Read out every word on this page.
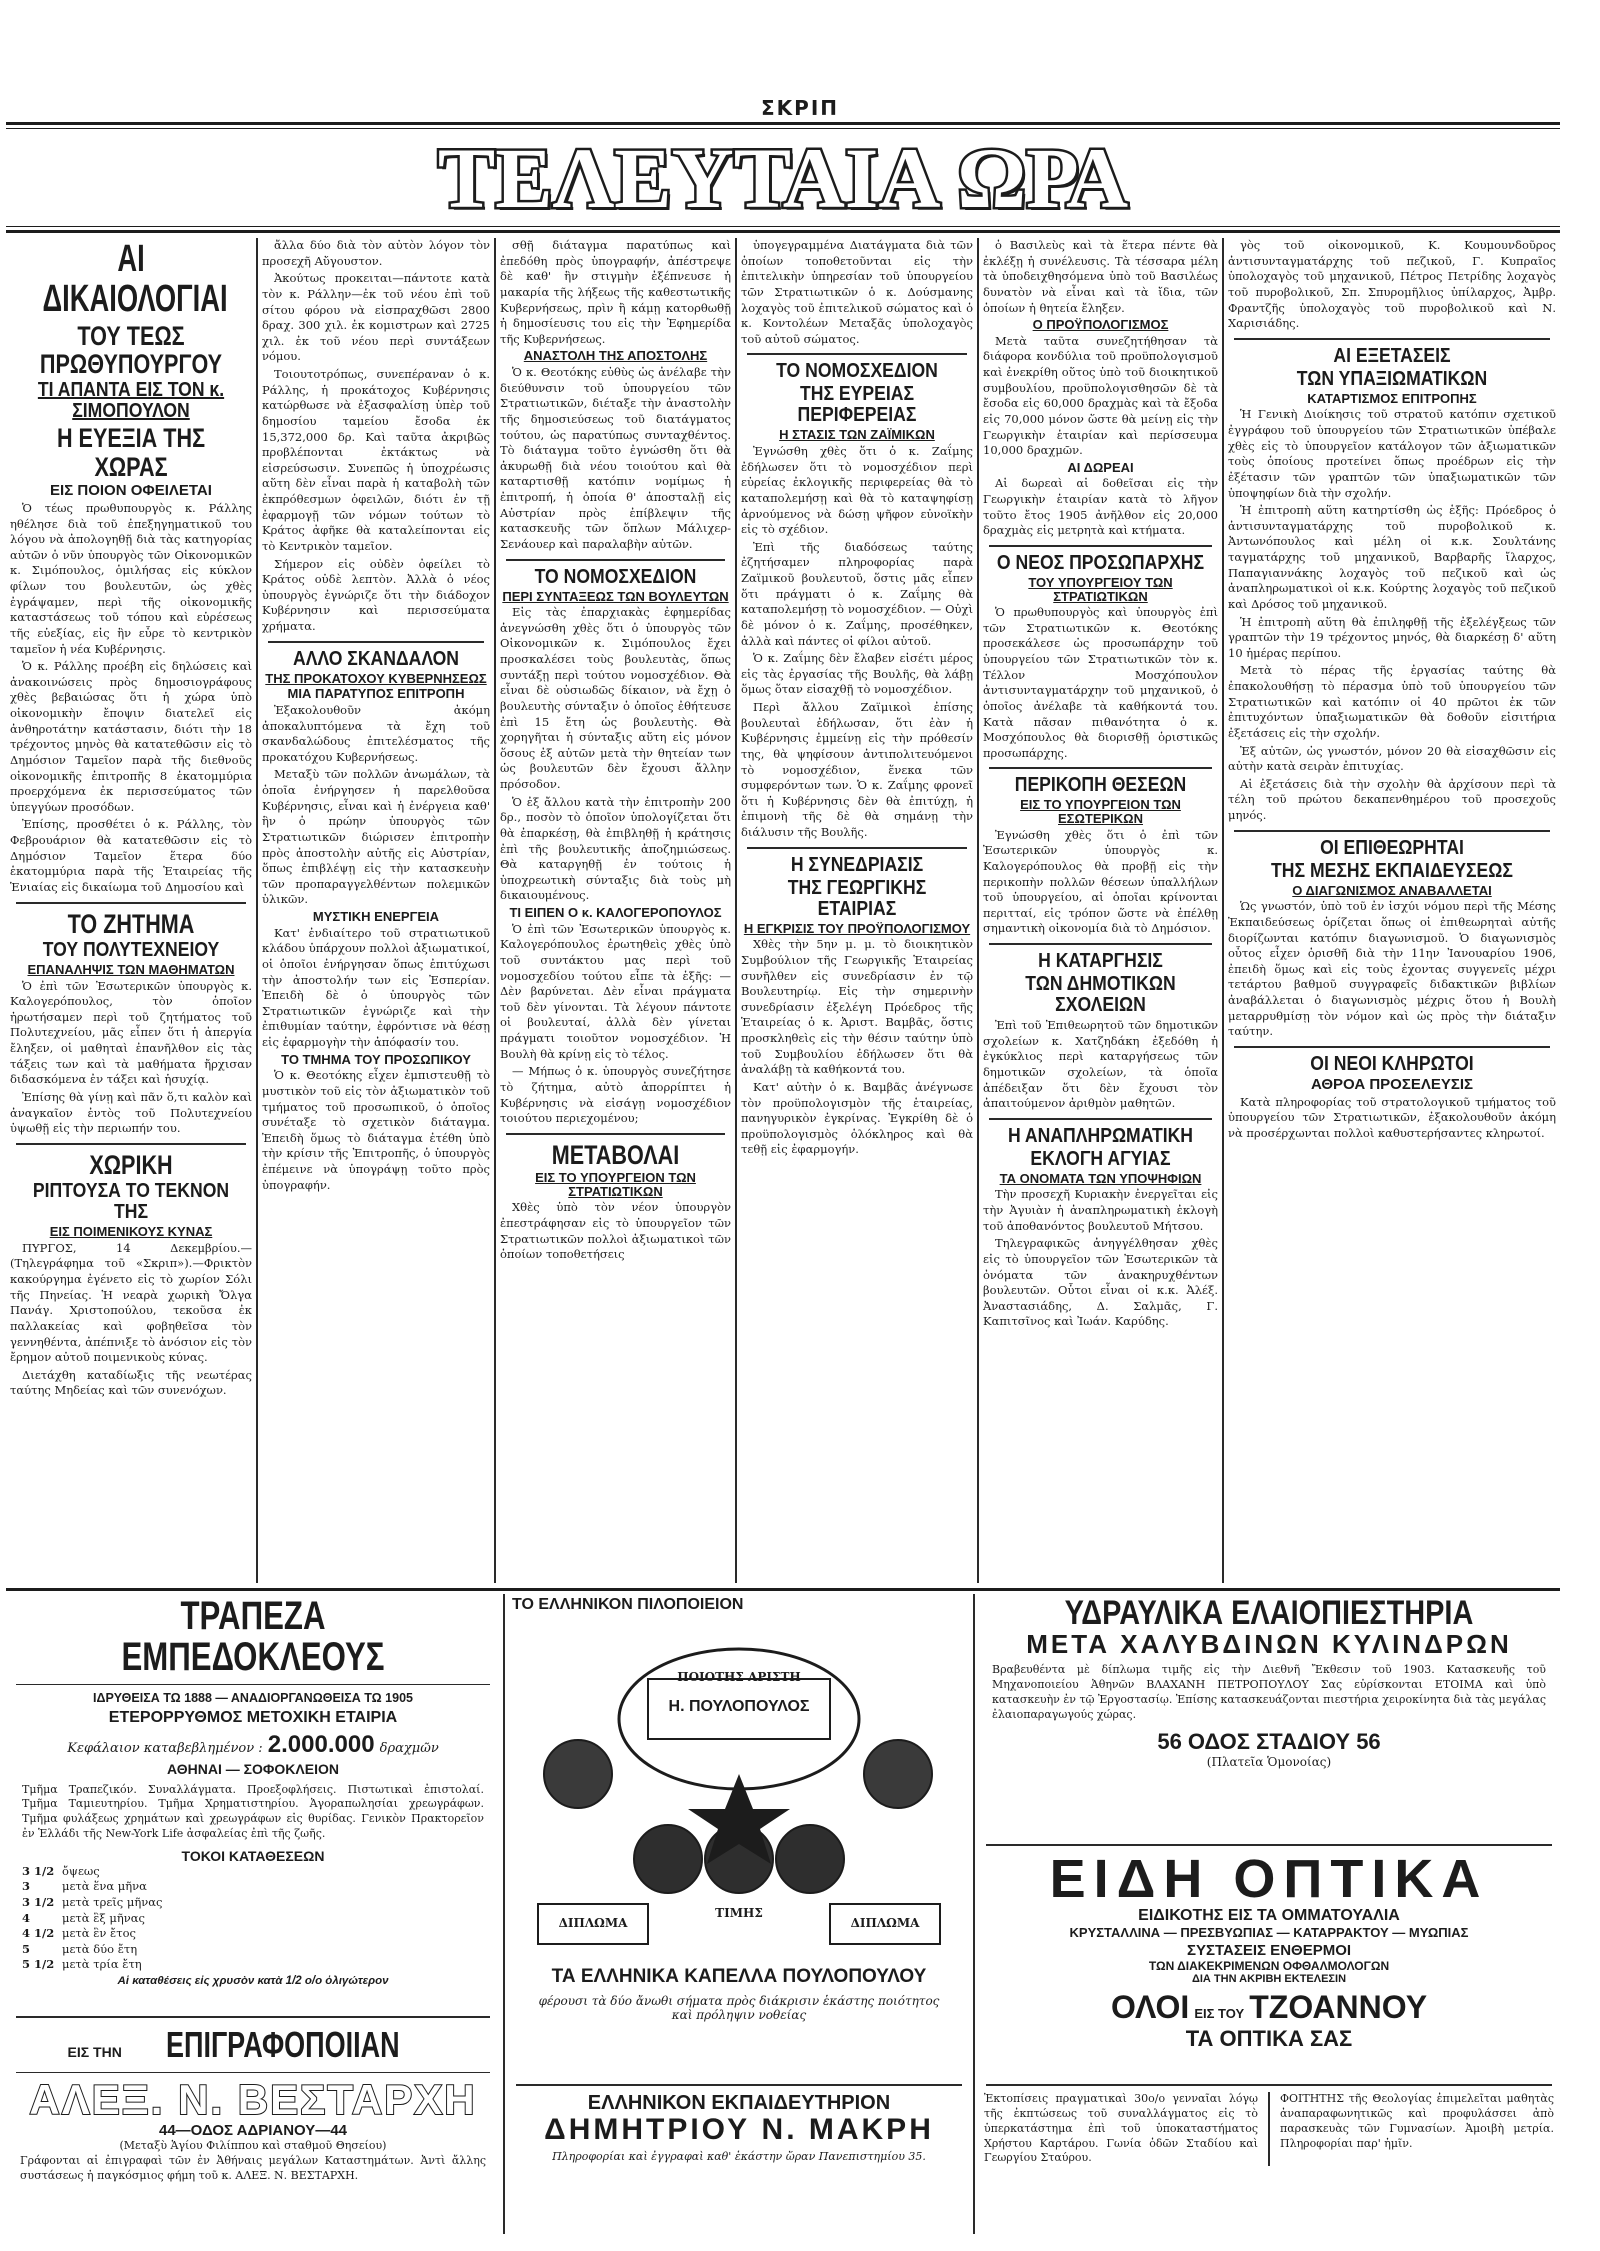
ΣΚΡΙΠ
ΤΕΛΕΥΤΑΙΑ ΩΡΑ
ΑΙ ΔΙΚΑΙΟΛΟΓΙΑΙ
ΤΟΥ ΤΕΩΣ ΠΡΩΘΥΠΟΥΡΓΟΥ
ΤΙ ΑΠΑΝΤΑ ΕΙΣ ΤΟΝ κ. ΣΙΜΟΠΟΥΛΟΝ
Η ΕΥΕΞΙΑ ΤΗΣ ΧΩΡΑΣ
ΕΙΣ ΠΟΙΟΝ ΟΦΕΙΛΕΤΑΙ

Ὁ τέως πρωθυπουργὸς κ. Ράλλης ηθέλησε διὰ τοῦ ἐπεξηγηματικοῦ του λόγου νὰ ἀπολογηθῇ διὰ τὰς κατηγορίας αὐτῶν ὁ νῦν ὑπουργὸς τῶν Οἰκονομικῶν κ. Σιμόπουλος, ὁμιλήσας εἰς κύκλον φίλων του βουλευτῶν, ὡς χθὲς ἐγράψαμεν, περὶ τῆς οἰκονομικῆς καταστάσεως τοῦ τόπου καὶ εὑρέσεως τῆς εὐεξίας, εἰς ἣν εὗρε τὸ κεντρικὸν ταμεῖον ἡ νέα Κυβέρνησις.

Ὁ κ. Ράλλης προέβη εἰς δηλώσεις καὶ ἀνακοινώσεις πρὸς δημοσιογράφους χθὲς βεβαιώσας ὅτι ἡ χώρα ὑπὸ οἰκονομικὴν ἔποψιν διατελεῖ εἰς ἀνθηροτάτην κατάστασιν, διότι τὴν 18 τρέχοντος μηνὸς θὰ κατατεθῶσιν εἰς τὸ Δημόσιον Ταμεῖον παρὰ τῆς διεθνοῦς οἰκονομικῆς ἐπιτροπῆς 8 ἑκατομμύρια προερχόμενα ἐκ περισσεύματος τῶν ὑπεγγύων προσόδων.

Ἐπίσης, προσθέτει ὁ κ. Ράλλης, τὸν Φεβρουάριον θὰ κατατεθῶσιν εἰς τὸ Δημόσιον Ταμεῖον ἕτερα δύο ἑκατομμύρια παρὰ τῆς Ἑταιρείας τῆς Ἑνιαίας εἰς δικαίωμα τοῦ Δημοσίου καὶ

ΤΟ ΖΗΤΗΜΑ
ΤΟΥ ΠΟΛΥΤΕΧΝΕΙΟΥ
ΕΠΑΝΑΛΗΨΙΣ ΤΩΝ ΜΑΘΗΜΑΤΩΝ

Ὁ ἐπὶ τῶν Ἐσωτερικῶν ὑπουργὸς κ. Καλογερόπουλος, τὸν ὁποῖον ἠρωτήσαμεν περὶ τοῦ ζητήματος τοῦ Πολυτεχνείου, μᾶς εἶπεν ὅτι ἡ ἀπεργία ἔληξεν, οἱ μαθηταὶ ἐπανῆλθον εἰς τὰς τάξεις των καὶ τὰ μαθήματα ἤρχισαν διδασκόμενα ἐν τάξει καὶ ἡσυχίᾳ.

Ἐπίσης θὰ γίνῃ καὶ πᾶν ὅ,τι καλὸν καὶ ἀναγκαῖον ἐντὸς τοῦ Πολυτεχνείου ὑψωθῇ εἰς τὴν περιωπήν του.

ΧΩΡΙΚΗ
ΡΙΠΤΟΥΣΑ ΤΟ ΤΕΚΝΟΝ ΤΗΣ
ΕΙΣ ΠΟΙΜΕΝΙΚΟΥΣ ΚΥΝΑΣ

ΠΥΡΓΟΣ, 14 Δεκεμβρίου.—(Τηλεγράφημα τοῦ «Σκριπ»).—Φρικτὸν κακούργημα ἐγένετο εἰς τὸ χωρίον Σόλι τῆς Πηνείας. Ἡ νεαρὰ χωρικὴ Ὄλγα Πανάγ. Χριστοπούλου, τεκοῦσα ἐκ παλλακείας καὶ φοβηθεῖσα τὸν γεννηθέντα, ἀπέπνιξε τὸ ἀνόσιον εἰς τὸν ἔρημον αὐτοῦ ποιμενικοὺς κύνας.

Διετάχθη καταδίωξις τῆς νεωτέρας ταύτης Μηδείας καὶ τῶν συνενόχων.

ἄλλα δύο διὰ τὸν αὐτὸν λόγον τὸν προσεχῆ Αὔγουστον.

Ἀκούτως προκειται—πάντοτε κατὰ τὸν κ. Ράλλην—ἐκ τοῦ νέου ἐπὶ τοῦ σίτου φόρου νὰ εἰσπραχθῶσι 2800 δραχ. 300 χιλ. ἐκ κομιστρων καὶ 2725 χιλ. ἐκ τοῦ νέου περὶ συντάξεων νόμου.

Τοιουτοτρόπως, συνεπέραναν ὁ κ. Ράλλης, ἡ προκάτοχος Κυβέρνησις κατώρθωσε νὰ ἐξασφαλίσῃ ὑπὲρ τοῦ δημοσίου ταμείου ἔσοδα ἐκ 15,372,000 δρ. Καὶ ταῦτα ἀκριβῶς προβλέπονται ἐκτάκτως νὰ εἰσρεύσωσιν. Συνεπῶς ἡ ὑποχρέωσις αὕτη δὲν εἶναι παρὰ ἡ καταβολὴ τῶν ἐκπρόθεσμων ὁφειλῶν, διότι ἐν τῇ ἐφαρμογῇ τῶν νόμων τούτων τὸ Κράτος ἀφῆκε θὰ καταλείπονται εἰς τὸ Κεντρικὸν ταμεῖον.

Σήμερον εἰς οὐδὲν ὀφείλει τὸ Κράτος οὐδὲ λεπτὸν. Ἀλλὰ ὁ νέος ὑπουργὸς ἐγνώριζε ὅτι τὴν διάδοχον Κυβέρνησιν καὶ περισσεύματα χρήματα.

ΑΛΛΟ ΣΚΑΝΔΑΛΟΝ
ΤΗΣ ΠΡΟΚΑΤΟΧΟΥ ΚΥΒΕΡΝΗΣΕΩΣ
ΜΙΑ ΠΑΡΑΤΥΠΟΣ ΕΠΙΤΡΟΠΗ

Ἐξακολουθοῦν ἀκόμη ἀποκαλυπτόμενα τὰ ἔχη τοῦ σκανδαλώδους ἐπιτελέσματος τῆς προκατόχου Κυβερνήσεως.

Μεταξὺ τῶν πολλῶν ἀνωμάλων, τὰ ὁποῖα ἐνήργησεν ἡ παρελθοῦσα Κυβέρνησις, εἶναι καὶ ἡ ἐνέργεια καθ' ἣν ὁ πρώην ὑπουργὸς τῶν Στρατιωτικῶν διώρισεν ἐπιτροπὴν πρὸς ἀποστολὴν αὐτῆς εἰς Αὐστρίαν, ὅπως ἐπιβλέψῃ εἰς τὴν κατασκευὴν τῶν προπαραγγελθέντων πολεμικῶν ὑλικῶν.

ΜΥΣΤΙΚΗ ΕΝΕΡΓΕΙΑ

Κατ' ἐνδιαίτερο τοῦ στρατιωτικοῦ κλάδου ὑπάρχουν πολλοὶ ἀξιωματικοί, οἱ ὁποῖοι ἐνήργησαν ὅπως ἐπιτύχωσι τὴν ἀποστολήν των εἰς Ἐσπερίαν. Ἐπειδὴ δὲ ὁ ὑπουργὸς τῶν Στρατιωτικῶν ἐγνώριζε καὶ τὴν ἐπιθυμίαν ταύτην, ἐφρόντισε νὰ θέσῃ εἰς ἐφαρμογὴν τὴν ἀπόφασίν του.

ΤΟ ΤΜΗΜΑ ΤΟΥ ΠΡΟΣΩΠΙΚΟΥ

Ὁ κ. Θεοτόκης εἶχεν ἐμπιστευθῇ τὸ μυστικὸν τοῦ εἰς τὸν ἀξιωματικὸν τοῦ τμήματος τοῦ προσωπικοῦ, ὁ ὁποῖος συνέταξε τὸ σχετικὸν διάταγμα. Ἐπειδὴ ὅμως τὸ διάταγμα ἐτέθη ὑπὸ τὴν κρίσιν τῆς Ἐπιτροπῆς, ὁ ὑπουργὸς ἐπέμεινε νὰ ὑπογράψῃ τοῦτο πρὸς ὑπογραφήν.

σθῇ διάταγμα παρατύπως καὶ ἐπεδόθη πρὸς ὑπογραφήν, ἀπέστρεψε δὲ καθ' ἣν στιγμὴν ἐξέπνευσε ἡ μακαρία τῆς λήξεως τῆς καθεστωτικῆς Κυβερνήσεως, πρὶν ἢ κάμῃ κατορθωθῇ ἡ δημοσίευσις του εἰς τὴν Ἐφημερίδα τῆς Κυβερνήσεως.

ΑΝΑΣΤΟΛΗ ΤΗΣ ΑΠΟΣΤΟΛΗΣ

Ὁ κ. Θεοτόκης εὐθὺς ὡς ἀνέλαβε τὴν διεύθυνσιν τοῦ ὑπουργείου τῶν Στρατιωτικῶν, διέταξε τὴν ἀναστολὴν τῆς δημοσιεύσεως τοῦ διατάγματος τούτου, ὡς παρατύπως συνταχθέντος. Τὸ διάταγμα τοῦτο ἐγνώσθη ὅτι θὰ ἀκυρωθῇ διὰ νέου τοιούτου καὶ θὰ καταρτισθῇ κατόπιν νομίμως ἡ ἐπιτροπή, ἡ ὁποία θ' ἀποσταλῇ εἰς Αὐστρίαν πρὸς ἐπίβλεψιν τῆς κατασκευῆς τῶν ὅπλων Μάλιχερ-Σενάουερ καὶ παραλαβὴν αὐτῶν.

ΤΟ ΝΟΜΟΣΧΕΔΙΟΝ
ΠΕΡΙ ΣΥΝΤΑΞΕΩΣ ΤΩΝ ΒΟΥΛΕΥΤΩΝ

Εἰς τὰς ἐπαρχιακὰς ἐφημερίδας ἀνεγνώσθη χθὲς ὅτι ὁ ὑπουργὸς τῶν Οἰκονομικῶν κ. Σιμόπουλος ἔχει προσκαλέσει τοὺς βουλευτὰς, ὅπως συντάξῃ περὶ τούτου νομοσχέδιον. Θὰ εἶναι δὲ οὐσιωδῶς δίκαιον, νὰ ἔχῃ ὁ βουλευτὴς σύνταξιν ὁ ὁποῖος ἐθήτευσε ἐπὶ 15 ἔτη ὡς βουλευτὴς. Θὰ χορηγῆται ἡ σύνταξις αὕτη εἰς μόνον ὅσους ἐξ αὐτῶν μετὰ τὴν θητείαν των ὡς βουλευτῶν δὲν ἔχουσι ἄλλην πρόσοδον.

Ὁ ἐξ ἄλλου κατὰ τὴν ἐπιτροπὴν 200 δρ., ποσὸν τὸ ὁποῖον ὑπολογίζεται ὅτι θὰ ἐπαρκέσῃ, θὰ ἐπιβληθῇ ἡ κράτησις ἐπὶ τῆς βουλευτικῆς ἀποζημιώσεως. Θὰ καταργηθῇ ἐν τούτοις ἡ ὑποχρεωτικὴ σύνταξις διὰ τοὺς μὴ δικαιουμένους.

ΤΙ ΕΙΠΕΝ Ο κ. ΚΑΛΟΓΕΡΟΠΟΥΛΟΣ

Ὁ ἐπὶ τῶν Ἐσωτερικῶν ὑπουργὸς κ. Καλογερόπουλος ἐρωτηθεὶς χθὲς ὑπὸ τοῦ συντάκτου μας περὶ τοῦ νομοσχεδίου τούτου εἶπε τὰ ἑξῆς: — Δὲν βαρύνεται. Δὲν εἶναι πράγματα τοῦ δὲν γίνονται. Τὰ λέγουν πάντοτε οἱ βουλευταί, ἀλλὰ δὲν γίνεται πράγματι τοιοῦτον νομοσχέδιον. Ἡ Βουλὴ θὰ κρίνῃ εἰς τὸ τέλος.

— Μήπως ὁ κ. ὑπουργὸς συνεζήτησε τὸ ζήτημα, αὐτὸ ἀπορρίπτει ἡ Κυβέρνησις νὰ εἰσάγῃ νομοσχέδιον τοιούτου περιεχομένου;

ΜΕΤΑΒΟΛΑΙ
ΕΙΣ ΤΟ ΥΠΟΥΡΓΕΙΟΝ ΤΩΝ ΣΤΡΑΤΙΩΤΙΚΩΝ

Χθὲς ὑπὸ τὸν νέον ὑπουργὸν ἐπεστράφησαν εἰς τὸ ὑπουργεῖον τῶν Στρατιωτικῶν πολλοὶ ἀξιωματικοὶ τῶν ὁποίων τοποθετήσεις

ὑπογεγραμμένα Διατάγματα διὰ τῶν ὁποίων τοποθετοῦνται εἰς τὴν ἐπιτελικὴν ὑπηρεσίαν τοῦ ὑπουργείου τῶν Στρατιωτικῶν ὁ κ. Δούσμανης λοχαγὸς τοῦ ἐπιτελικοῦ σώματος καὶ ὁ κ. Κοντολέων Μεταξᾶς ὑπολοχαγὸς τοῦ αὐτοῦ σώματος.

ΤΟ ΝΟΜΟΣΧΕΔΙΟΝ
ΤΗΣ ΕΥΡΕΙΑΣ ΠΕΡΙΦΕΡΕΙΑΣ
Η ΣΤΑΣΙΣ ΤΩΝ ΖΑΪΜΙΚΩΝ

Ἐγνώσθη χθὲς ὅτι ὁ κ. Ζαΐμης ἐδήλωσεν ὅτι τὸ νομοσχέδιον περὶ εὐρείας ἐκλογικῆς περιφερείας θὰ τὸ καταπολεμήσῃ καὶ θὰ τὸ καταψηφίσῃ ἀρνούμενος νὰ δώσῃ ψῆφον εὐνοϊκὴν εἰς τὸ σχέδιον.

Ἐπὶ τῆς διαδόσεως ταύτης ἐζητήσαμεν πληροφορίας παρὰ Ζαϊμικοῦ βουλευτοῦ, ὅστις μᾶς εἶπεν ὅτι πράγματι ὁ κ. Ζαΐμης θὰ καταπολεμήσῃ τὸ νομοσχέδιον. — Οὐχὶ δὲ μόνον ὁ κ. Ζαΐμης, προσέθηκεν, ἀλλὰ καὶ πάντες οἱ φίλοι αὐτοῦ.

Ὁ κ. Ζαΐμης δὲν ἔλαβεν εἰσέτι μέρος εἰς τὰς ἐργασίας τῆς Βουλῆς, θὰ λάβῃ ὅμως ὅταν εἰσαχθῇ τὸ νομοσχέδιον.

Περὶ ἄλλου Ζαϊμικοὶ ἐπίσης βουλευταὶ ἐδήλωσαν, ὅτι ἐὰν ἡ Κυβέρνησις ἐμμείνῃ εἰς τὴν πρόθεσίν της, θὰ ψηφίσουν ἀντιπολιτευόμενοι τὸ νομοσχέδιον, ἕνεκα τῶν συμφερόντων των. Ὁ κ. Ζαΐμης φρονεῖ ὅτι ἡ Κυβέρνησις δὲν θὰ ἐπιτύχῃ, ἡ ἐπιμονὴ τῆς δὲ θὰ σημάνῃ τὴν διάλυσιν τῆς Βουλῆς.

Η ΣΥΝΕΔΡΙΑΣΙΣ
ΤΗΣ ΓΕΩΡΓΙΚΗΣ ΕΤΑΙΡΙΑΣ
Η ΕΓΚΡΙΣΙΣ ΤΟΥ ΠΡΟΫΠΟΛΟΓΙΣΜΟΥ

Χθὲς τὴν 5ην μ. μ. τὸ διοικητικὸν Συμβούλιον τῆς Γεωργικῆς Ἑταιρείας συνῆλθεν εἰς συνεδρίασιν ἐν τῷ Βουλευτηρίῳ. Εἰς τὴν σημερινὴν συνεδρίασιν ἐξελέγη Πρόεδρος τῆς Ἑταιρείας ὁ κ. Ἀριστ. Βαμβᾶς, ὅστις προσκληθεὶς εἰς τὴν θέσιν ταύτην ὑπὸ τοῦ Συμβουλίου ἐδήλωσεν ὅτι θὰ ἀναλάβῃ τὰ καθήκοντά του.

Κατ' αὐτὴν ὁ κ. Βαμβᾶς ἀνέγνωσε τὸν προϋπολογισμὸν τῆς ἑταιρείας, πανηγυρικὸν ἐγκρίνας. Ἐγκρίθη δὲ ὁ προϋπολογισμὸς ὁλόκληρος καὶ θὰ τεθῇ εἰς ἐφαρμογήν.

ὁ Βασιλεὺς καὶ τὰ ἕτερα πέντε θὰ ἐκλέξῃ ἡ συνέλευσις. Τὰ τέσσαρα μέλη τὰ ὑποδειχθησόμενα ὑπὸ τοῦ Βασιλέως δυνατὸν νὰ εἶναι καὶ τὰ ἴδια, τῶν ὁποίων ἡ θητεία ἔληξεν.

Ο ΠΡΟΫΠΟΛΟΓΙΣΜΟΣ

Μετὰ ταῦτα συνεζητήθησαν τὰ διάφορα κονδύλια τοῦ προϋπολογισμοῦ καὶ ἐνεκρίθη οὕτος ὑπὸ τοῦ διοικητικοῦ συμβουλίου, προϋπολογισθησῶν δὲ τὰ ἔσοδα εἰς 60,000 δραχμὰς καὶ τὰ ἔξοδα εἰς 70,000 μόνον ὥστε θὰ μείνῃ εἰς τὴν Γεωργικὴν ἑταιρίαν καὶ περίσσευμα 10,000 δραχμῶν.

ΑΙ ΔΩΡΕΑΙ

Αἱ δωρεαὶ αἱ δοθεῖσαι εἰς τὴν Γεωργικὴν ἑταιρίαν κατὰ τὸ λῆγον τοῦτο ἔτος 1905 ἀνῆλθον εἰς 20,000 δραχμὰς εἰς μετρητὰ καὶ κτήματα.

Ο ΝΕΟΣ ΠΡΟΣΩΠΑΡΧΗΣ
ΤΟΥ ΥΠΟΥΡΓΕΙΟΥ ΤΩΝ ΣΤΡΑΤΙΩΤΙΚΩΝ

Ὁ πρωθυπουργὸς καὶ ὑπουργὸς ἐπὶ τῶν Στρατιωτικῶν κ. Θεοτόκης προσεκάλεσε ὡς προσωπάρχην τοῦ ὑπουργείου τῶν Στρατιωτικῶν τὸν κ. Τέλλον Μοσχόπουλον ἀντισυνταγματάρχην τοῦ μηχανικοῦ, ὁ ὁποῖος ἀνέλαβε τὰ καθήκοντά του. Κατὰ πᾶσαν πιθανότητα ὁ κ. Μοσχόπουλος θὰ διορισθῇ ὁριστικῶς προσωπάρχης.

ΠΕΡΙΚΟΠΗ ΘΕΣΕΩΝ
ΕΙΣ ΤΟ ΥΠΟΥΡΓΕΙΟΝ ΤΩΝ ΕΣΩΤΕΡΙΚΩΝ

Ἐγνώσθη χθὲς ὅτι ὁ ἐπὶ τῶν Ἐσωτερικῶν ὑπουργὸς κ. Καλογερόπουλος θὰ προβῇ εἰς τὴν περικοπὴν πολλῶν θέσεων ὑπαλλήλων τοῦ ὑπουργείου, αἱ ὁποῖαι κρίνονται περιτταί, εἰς τρόπον ὥστε νὰ ἐπέλθῃ σημαντικὴ οἰκονομία διὰ τὸ Δημόσιον.

Η ΚΑΤΑΡΓΗΣΙΣ
ΤΩΝ ΔΗΜΟΤΙΚΩΝ ΣΧΟΛΕΙΩΝ

Ἐπὶ τοῦ Ἐπιθεωρητοῦ τῶν δημοτικῶν σχολείων κ. Χατζηδάκη ἐξεδόθη ἡ ἐγκύκλιος περὶ καταργήσεως τῶν δημοτικῶν σχολείων, τὰ ὁποῖα ἀπέδειξαν ὅτι δὲν ἔχουσι τὸν ἀπαιτούμενον ἀριθμὸν μαθητῶν.

Η ΑΝΑΠΛΗΡΩΜΑΤΙΚΗ
ΕΚΛΟΓΗ ΑΓΥΙΑΣ
ΤΑ ΟΝΟΜΑΤΑ ΤΩΝ ΥΠΟΨΗΦΙΩΝ

Τὴν προσεχῆ Κυριακὴν ἐνεργεῖται εἰς τὴν Ἀγυιὰν ἡ ἀναπληρωματικὴ ἐκλογὴ τοῦ ἀποθανόντος βουλευτοῦ Μήτσου.

Τηλεγραφικῶς ἀνηγγέλθησαν χθὲς εἰς τὸ ὑπουργεῖον τῶν Ἐσωτερικῶν τὰ ὀνόματα τῶν ἀνακηρυχθέντων βουλευτῶν. Οὗτοι εἶναι οἱ κ.κ. Ἀλέξ. Ἀναστασιάδης, Δ. Σαλμᾶς, Γ. Καπιτσῖνος καὶ Ἰωάν. Καρύδης.

γὸς τοῦ οἰκονομικοῦ, Κ. Κουμουνδοῦρος ἀντισυνταγματάρχης τοῦ πεζικοῦ, Γ. Κυπραῖος ὑπολοχαγὸς τοῦ μηχανικοῦ, Πέτρος Πετρίδης λοχαγὸς τοῦ πυροβολικοῦ, Σπ. Σπυρομῆλιος ὑπίλαρχος, Ἀμβρ. Φραντζῆς ὑπολοχαγὸς τοῦ πυροβολικοῦ καὶ Ν. Χαρισιάδης.

ΑΙ ΕΞΕΤΑΣΕΙΣ
ΤΩΝ ΥΠΑΞΙΩΜΑΤΙΚΩΝ
ΚΑΤΑΡΤΙΣΜΟΣ ΕΠΙΤΡΟΠΗΣ

Ἡ Γενικὴ Διοίκησις τοῦ στρατοῦ κατόπιν σχετικοῦ ἐγγράφου τοῦ ὑπουργείου τῶν Στρατιωτικῶν ὑπέβαλε χθὲς εἰς τὸ ὑπουργεῖον κατάλογον τῶν ἀξιωματικῶν τοὺς ὁποίους προτείνει ὅπως προέδρων εἰς τὴν ἐξέτασιν τῶν γραπτῶν τῶν ὑπαξιωματικῶν τῶν ὑποψηφίων διὰ τὴν σχολήν.

Ἡ ἐπιτροπὴ αὕτη κατηρτίσθη ὡς ἑξῆς: Πρόεδρος ὁ ἀντισυνταγματάρχης τοῦ πυροβολικοῦ κ. Ἀντωνόπουλος καὶ μέλη οἱ κ.κ. Σουλτάνης ταγματάρχης τοῦ μηχανικοῦ, Βαρβαρῆς ἴλαρχος, Παπαγιαννάκης λοχαγὸς τοῦ πεζικοῦ καὶ ὡς ἀναπληρωματικοὶ οἱ κ.κ. Κούρτης λοχαγὸς τοῦ πεζικοῦ καὶ Δρόσος τοῦ μηχανικοῦ.

Ἡ ἐπιτροπὴ αὕτη θὰ ἐπιληφθῇ τῆς ἐξελέγξεως τῶν γραπτῶν τὴν 19 τρέχοντος μηνός, θὰ διαρκέσῃ δ' αὕτη 10 ἡμέρας περίπου.

Μετὰ τὸ πέρας τῆς ἐργασίας ταύτης θὰ ἐπακολουθήσῃ τὸ πέρασμα ὑπὸ τοῦ ὑπουργείου τῶν Στρατιωτικῶν καὶ κατόπιν οἱ 40 πρῶτοι ἐκ τῶν ἐπιτυχόντων ὑπαξιωματικῶν θὰ δοθοῦν εἰσιτήρια ἐξετάσεις εἰς τὴν σχολήν.

Ἐξ αὐτῶν, ὡς γνωστόν, μόνον 20 θὰ εἰσαχθῶσιν εἰς αὐτὴν κατὰ σειρὰν ἐπιτυχίας.

Αἱ ἐξετάσεις διὰ τὴν σχολὴν θὰ ἀρχίσουν περὶ τὰ τέλη τοῦ πρώτου δεκαπενθημέρου τοῦ προσεχοῦς μηνός.

ΟΙ ΕΠΙΘΕΩΡΗΤΑΙ
ΤΗΣ ΜΕΣΗΣ ΕΚΠΑΙΔΕΥΣΕΩΣ
Ο ΔΙΑΓΩΝΙΣΜΟΣ ΑΝΑΒΑΛΛΕΤΑΙ

Ὡς γνωστόν, ὑπὸ τοῦ ἐν ἰσχύι νόμου περὶ τῆς Μέσης Ἐκπαιδεύσεως ὁρίζεται ὅπως οἱ ἐπιθεωρηταὶ αὐτῆς διορίζωνται κατόπιν διαγωνισμοῦ. Ὁ διαγωνισμὸς οὗτος εἶχεν ὁρισθῆ διὰ τὴν 11ην Ἰανουαρίου 1906, ἐπειδὴ ὅμως καὶ εἰς τοὺς ἐχοντας συγγενεῖς μέχρι τετάρτου βαθμοῦ συγγραφεῖς διδακτικῶν βιβλίων ἀναβάλλεται ὁ διαγωνισμὸς μέχρις ὅτου ἡ Βουλὴ μεταρρυθμίσῃ τὸν νόμον καὶ ὡς πρὸς τὴν διάταξιν ταύτην.

ΟΙ ΝΕΟΙ ΚΛΗΡΩΤΟΙ
ΑΘΡΟΑ ΠΡΟΣΕΛΕΥΣΙΣ

Κατὰ πληροφορίας τοῦ στρατολογικοῦ τμήματος τοῦ ὑπουργείου τῶν Στρατιωτικῶν, ἐξακολουθοῦν ἀκόμη νὰ προσέρχωνται πολλοὶ καθυστερήσαντες κληρωτοί.

ΤΡΑΠΕΖΑ ΕΜΠΕΔΟΚΛΕΟΥΣ
ΙΔΡΥΘΕΙΣΑ ΤΩ 1888 — ΑΝΑΔΙΟΡΓΑΝΩΘΕΙΣΑ ΤΩ 1905
ΕΤΕΡΟΡΡΥΘΜΟΣ ΜΕΤΟΧΙΚΗ ΕΤΑΙΡΙΑ
Κεφάλαιον καταβεβλημένον : 2.000.000 δραχμῶν
ΑΘΗΝΑΙ — ΣΟΦΟΚΛΕΙΟΝ
Τμῆμα Τραπεζικόν. Συναλλάγματα. Προεξοφλήσεις. Πιστωτικαὶ ἐπιστολαί. Τμῆμα Ταμιευτηρίου. Τμῆμα Χρηματιστηρίου. Ἀγοραπωλησίαι χρεωγράφων. Τμῆμα φυλάξεως χρημάτων καὶ χρεωγράφων εἰς θυρίδας. Γενικὸν Πρακτορεῖον ἐν Ἑλλάδι τῆς New-York Life ἀσφαλείας ἐπὶ τῆς ζωῆς.
ΤΟΚΟΙ ΚΑΤΑΘΕΣΕΩΝ
3 1/2 ὄψεως
3	μετὰ ἕνα μῆνα
3 1/2 μετὰ τρεῖς μῆνας
4	μετὰ ἓξ μῆνας
4 1/2 μετὰ ἓν ἔτος
5	μετὰ δύο ἔτη
5 1/2 μετὰ τρία ἔτη
Αἱ καταθέσεις εἰς χρυσὸν κατὰ 1/2 ο/ο ὀλιγώτερον
ΕΙΣ ΤΗΝ ΕΠΙΓΡΑΦΟΠΟΙΙΑΝ
ΑΛΕΞ. Ν. ΒΕΣΤΑΡΧΗ
44—ΟΔΟΣ ΑΔΡΙΑΝΟΥ—44
(Μεταξὺ Ἁγίου Φιλίππου καὶ σταθμοῦ Θησείου)
Γράφονται αἱ ἐπιγραφαὶ τῶν ἐν Ἀθήναις μεγάλων Καταστημάτων. Ἀντὶ ἄλλης συστάσεως ἡ παγκόσμιος φήμη τοῦ κ. ΑΛΕΞ. Ν. ΒΕΣΤΑΡΧΗ.
ΤΟ ΕΛΛΗΝΙΚΟΝ ΠΙΛΟΠΟΙΕΙΟΝ
ΠΟΙΟΤΗΣ ΑΡΙΣΤΗ
Η. ΠΟΥΛΟΠΟΥΛΟΣ
ΔΙΠΛΩΜΑ
ΤΙΜΗΣ
ΔΙΠΛΩΜΑ
ΤΑ ΕΛΛΗΝΙΚΑ ΚΑΠΕΛΛΑ ΠΟΥΛΟΠΟΥΛΟΥ
φέρουσι τὰ δύο ἄνωθι σήματα πρὸς διάκρισιν ἑκάστης ποιότητος καὶ πρόληψιν νοθείας
ΕΛΛΗΝΙΚΟΝ ΕΚΠΑΙΔΕΥΤΗΡΙΟΝ
ΔΗΜΗΤΡΙΟΥ Ν. ΜΑΚΡΗ
Πληροφορίαι καὶ ἐγγραφαὶ καθ' ἑκάστην ὥραν Πανεπιστημίου 35.
ΥΔΡΑΥΛΙΚΑ ΕΛΑΙΟΠΙΕΣΤΗΡΙΑ
ΜΕΤΑ ΧΑΛΥΒΔΙΝΩΝ ΚΥΛΙΝΔΡΩΝ
Βραβευθέντα μὲ δίπλωμα τιμῆς εἰς τὴν Διεθνῆ Ἔκθεσιν τοῦ 1903. Κατασκευῆς τοῦ Μηχανοποιείου Ἀθηνῶν ΒΛΑΧΑΝΗ ΠΕΤΡΟΠΟΥΛΟΥ Σας εὑρίσκονται ΕΤΟΙΜΑ καὶ ὑπὸ κατασκευὴν ἐν τῷ Ἐργοστασίῳ. Ἐπίσης κατασκευάζονται πιεστήρια χειροκίνητα διὰ τὰς μεγάλας ἐλαιοπαραγωγούς χώρας.
56 ΟΔΟΣ ΣΤΑΔΙΟΥ 56
(Πλατεῖα Ὁμονοίας)
ΕΙΔΗ ΟΠΤΙΚΑ
ΕΙΔΙΚΟΤΗΣ ΕΙΣ ΤΑ ΟΜΜΑΤΟΥΑΛΙΑ
ΚΡΥΣΤΑΛΛΙΝΑ — ΠΡΕΣΒΥΩΠΙΑΣ — ΚΑΤΑΡΡΑΚΤΟΥ — ΜΥΩΠΙΑΣ
ΣΥΣΤΑΣΕΙΣ ΕΝΘΕΡΜΟΙ
ΤΩΝ ΔΙΑΚΕΚΡΙΜΕΝΩΝ ΟΦΘΑΛΜΟΛΟΓΩΝ
ΔΙΑ ΤΗΝ ΑΚΡΙΒΗ ΕΚΤΕΛΕΣΙΝ
ΟΛΟΙ ΕΙΣ ΤΟΥ ΤΖΟΑΝΝΟΥ
ΤΑ ΟΠΤΙΚΑ ΣΑΣ
Ἐκτοπίσεις πραγματικαὶ 30ο/ο γενναῖαι λόγῳ τῆς ἐκπτώσεως τοῦ συναλλάγματος εἰς τὸ ὑπερκατάστημα ἐπὶ τοῦ ὑποκαταστήματος Χρήστου Καρτάρου. Γωνία ὁδῶν Σταδίου καὶ Γεωργίου Σταύρου.
ΦΟΙΤΗΤΗΣ τῆς Θεολογίας ἐπιμελεῖται μαθητὰς ἀναπαραφωνητικῶς καὶ προφυλάσσει ἀπὸ παρασκευὰς τῶν Γυμνασίων. Ἀμοιβὴ μετρία. Πληροφορίαι παρ' ἡμῖν.
